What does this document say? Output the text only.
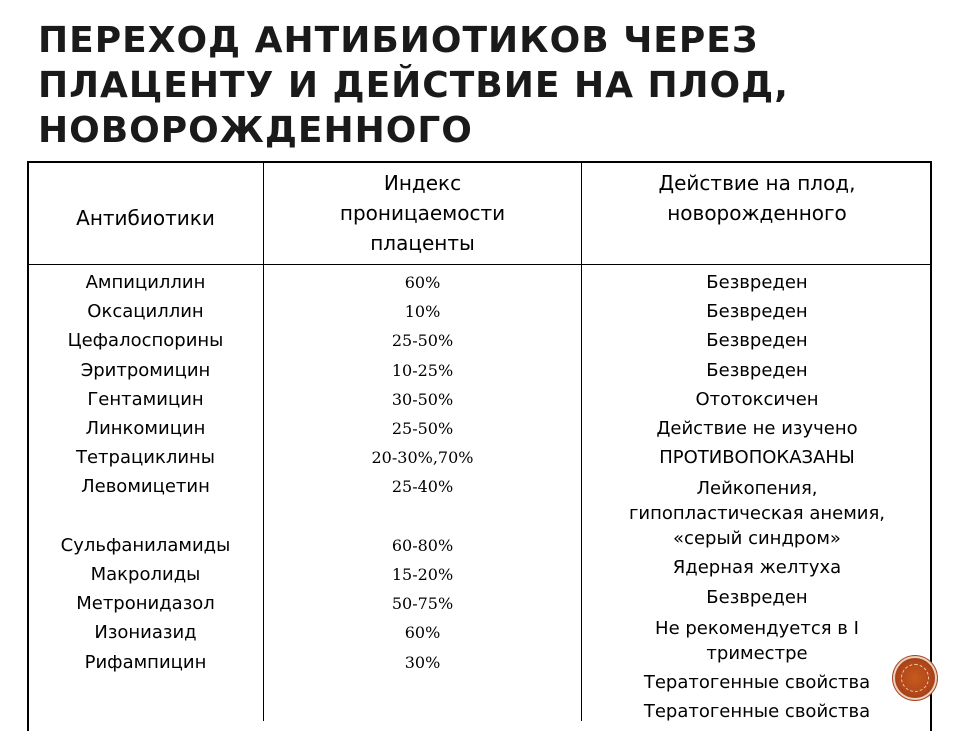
ПЕРЕХОД АНТИБИОТИКОВ ЧЕРЕЗ
ПЛАЦЕНТУ И ДЕЙСТВИЕ НА ПЛОД,
НОВОРОЖДЕННОГО
Антибиотики
Индекс
проницаемости
плаценты
Действие на плод,
новорожденного
Ампициллин
Оксациллин
Цефалоспорины
Эритромицин
Гентамицин
Линкомицин
Тетрациклины
Левомицетин
Сульфаниламиды
Макролиды
Метронидазол
Изониазид
Рифампицин
60%
10%
25-50%
10-25%
30-50%
25-50%
20-30%,70%
25-40%
60-80%
15-20%
50-75%
60%
30%
Безвреден
Безвреден
Безвреден
Безвреден
Ототоксичен
Действие не изучено
ПРОТИВОПОКАЗАНЫ
Лейкопения,
гипопластическая анемия,
«серый синдром»
Ядерная желтуха
Безвреден
Не рекомендуется в I
триместре
Тератогенные свойства
Тератогенные свойства
